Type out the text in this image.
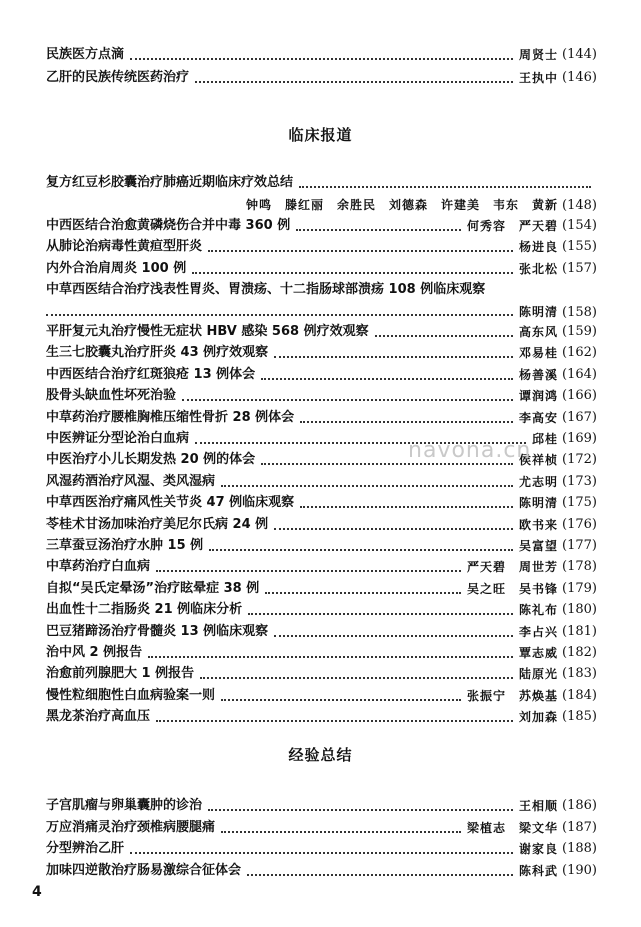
民族医方点滴	周贤士 (144)
乙肝的民族传统医药治疗	王执中 (146)
临床报道
复方红豆杉胶囊治疗肺癌近期临床疗效总结
钟鸣　滕红丽　余胜民　刘德森　许建美　韦东　黄新 (148)
中西医结合治愈黄磷烧伤合并中毒 360 例	何秀容　严天碧 (154)
从肺论治病毒性黄疸型肝炎	杨进良 (155)
内外合治肩周炎 100 例	张北松 (157)
中草西医结合治疗浅表性胃炎、胃溃疡、十二指肠球部溃疡 108 例临床观察
陈明清 (158)
平肝复元丸治疗慢性无症状 HBV 感染 568 例疗效观察	高东风 (159)
生三七胶囊丸治疗肝炎 43 例疗效观察	邓易桂 (162)
中西医结合治疗红斑狼疮 13 例体会	杨善溪 (164)
股骨头缺血性坏死治验	谭润鸿 (166)
中草药治疗腰椎胸椎压缩性骨折 28 例体会	李高安 (167)
中医辨证分型论治白血病	邱桂 (169)
中医治疗小儿长期发热 20 例的体会	侯祥桢 (172)
风湿药酒治疗风湿、类风湿病	尤志明 (173)
中草西医治疗痛风性关节炎 47 例临床观察	陈明清 (175)
苓桂术甘汤加味治疗美尼尔氏病 24 例	欧书来 (176)
三草蚕豆汤治疗水肿 15 例	吴富望 (177)
中草药治疗白血病	严天碧　周世芳 (178)
自拟“吴氏定晕汤”治疗眩晕症 38 例	吴之旺　吴书锋 (179)
出血性十二指肠炎 21 例临床分析	陈礼布 (180)
巴豆猪蹄汤治疗骨髓炎 13 例临床观察	李占兴 (181)
治中风 2 例报告	覃志威 (182)
治愈前列腺肥大 1 例报告	陆原光 (183)
慢性粒细胞性白血病验案一则	张振宁　苏焕基 (184)
黑龙茶治疗高血压	刘加森 (185)
经验总结
子宫肌瘤与卵巢囊肿的诊治	王相顺 (186)
万应消痛灵治疗颈椎病腰腿痛	梁植志　梁文华 (187)
分型辨治乙肝	谢家良 (188)
加味四逆散治疗肠易激综合征体会	陈科武 (190)
navona.cn
4
